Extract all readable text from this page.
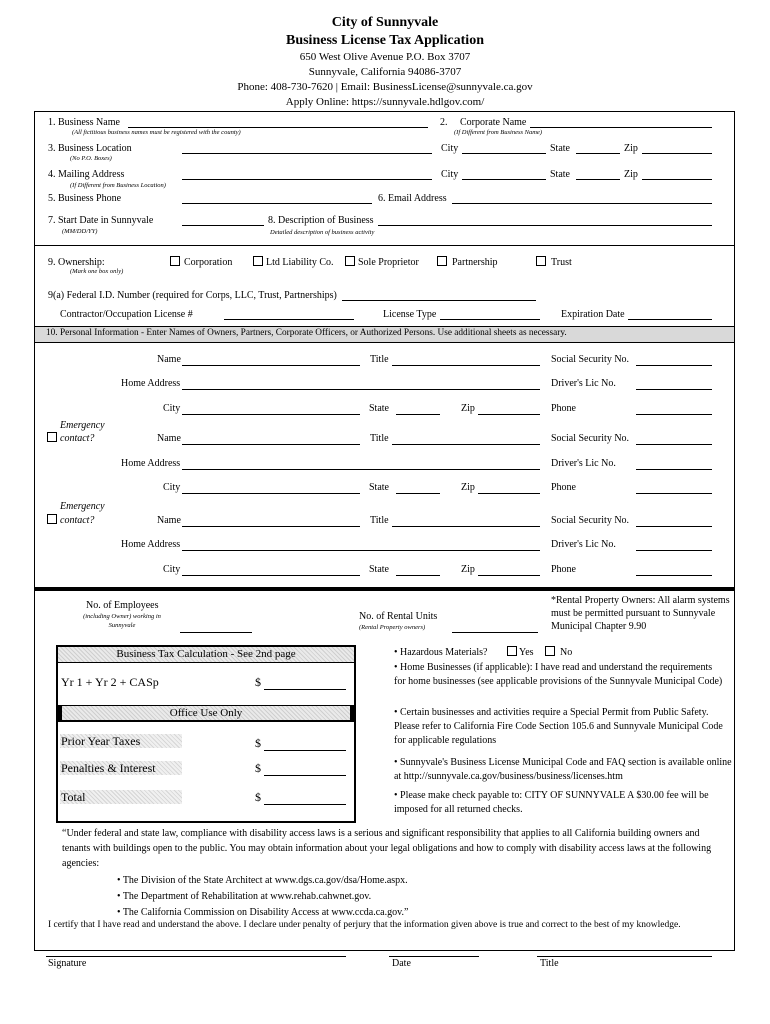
City of Sunnyvale
Business License Tax Application
650 West Olive Avenue P.O. Box 3707
Sunnyvale, California 94086-3707
Phone: 408-730-7620 | Email: BusinessLicense@sunnyvale.ca.gov
Apply Online: https://sunnyvale.hdlgov.com/
1. Business Name
(All fictitious business names must be registered with the county)
2. Corporate Name
(If Different from Business Name)
3. Business Location
(No P.O. Boxes)
City	State	Zip
4. Mailing Address
(If Different from Business Location)
City	State	Zip
5. Business Phone	6. Email Address
7. Start Date in Sunnyvale
(MM/DD/YY)
8. Description of Business
Detailed description of business activity
9. Ownership:
(Mark one box only)
Corporation	Ltd Liability Co. Sole Proprietor	Partnership	Trust
9(a) Federal I.D. Number (required for Corps, LLC, Trust, Partnerships)
Contractor/Occupation License #	License Type	Expiration Date
10. Personal Information - Enter Names of Owners, Partners, Corporate Officers, or Authorized Persons. Use additional sheets as necessary.
Name	Title	Social Security No.
Home Address	Driver's Lic No.
City	State	Zip	Phone
Emergency
contact?	Name	Title	Social Security No.
Home Address	Driver's Lic No.
City	State	Zip	Phone
Emergency
contact?	Name	Title	Social Security No.
Home Address	Driver's Lic No.
City	State	Zip	Phone
No. of Employees
(including Owner) working in
Sunnyvale
No. of Rental Units
(Rental Property owners)
*Rental Property Owners: All alarm systems
must be permitted pursuant to Sunnyvale
Municipal Chapter 9.90
Business Tax Calculation - See 2nd page
Yr 1 + Yr 2 + CASp	$
Office Use Only
Prior Year Taxes	$
Penalties & Interest	$
Total	$
• Hazardous Materials?	Yes	No
• Home Businesses (if applicable): I have read and understand the requirements for home businesses (see applicable provisions of the Sunnyvale Municipal Code)
• Certain businesses and activities require a Special Permit from Public Safety. Please refer to California Fire Code Section 105.6 and Sunnyvale Municipal Code for applicable regulations
• Sunnyvale's Business License Municipal Code and FAQ section is available online at http://sunnyvale.ca.gov/business/business/licenses.htm
• Please make check payable to: CITY OF SUNNYVALE A $30.00 fee will be imposed for all returned checks.
“Under federal and state law, compliance with disability access laws is a serious and significant responsibility that applies to all California building owners and tenants with buildings open to the public. You may obtain information about your legal obligations and how to comply with disability access laws at the following agencies:
• The Division of the State Architect at www.dgs.ca.gov/dsa/Home.aspx.
• The Department of Rehabilitation at www.rehab.cahwnet.gov.
• The California Commission on Disability Access at www.ccda.ca.gov.”
I certify that I have read and understand the above. I declare under penalty of perjury that the information given above is true and correct to the best of my knowledge.
Signature	Date	Title
